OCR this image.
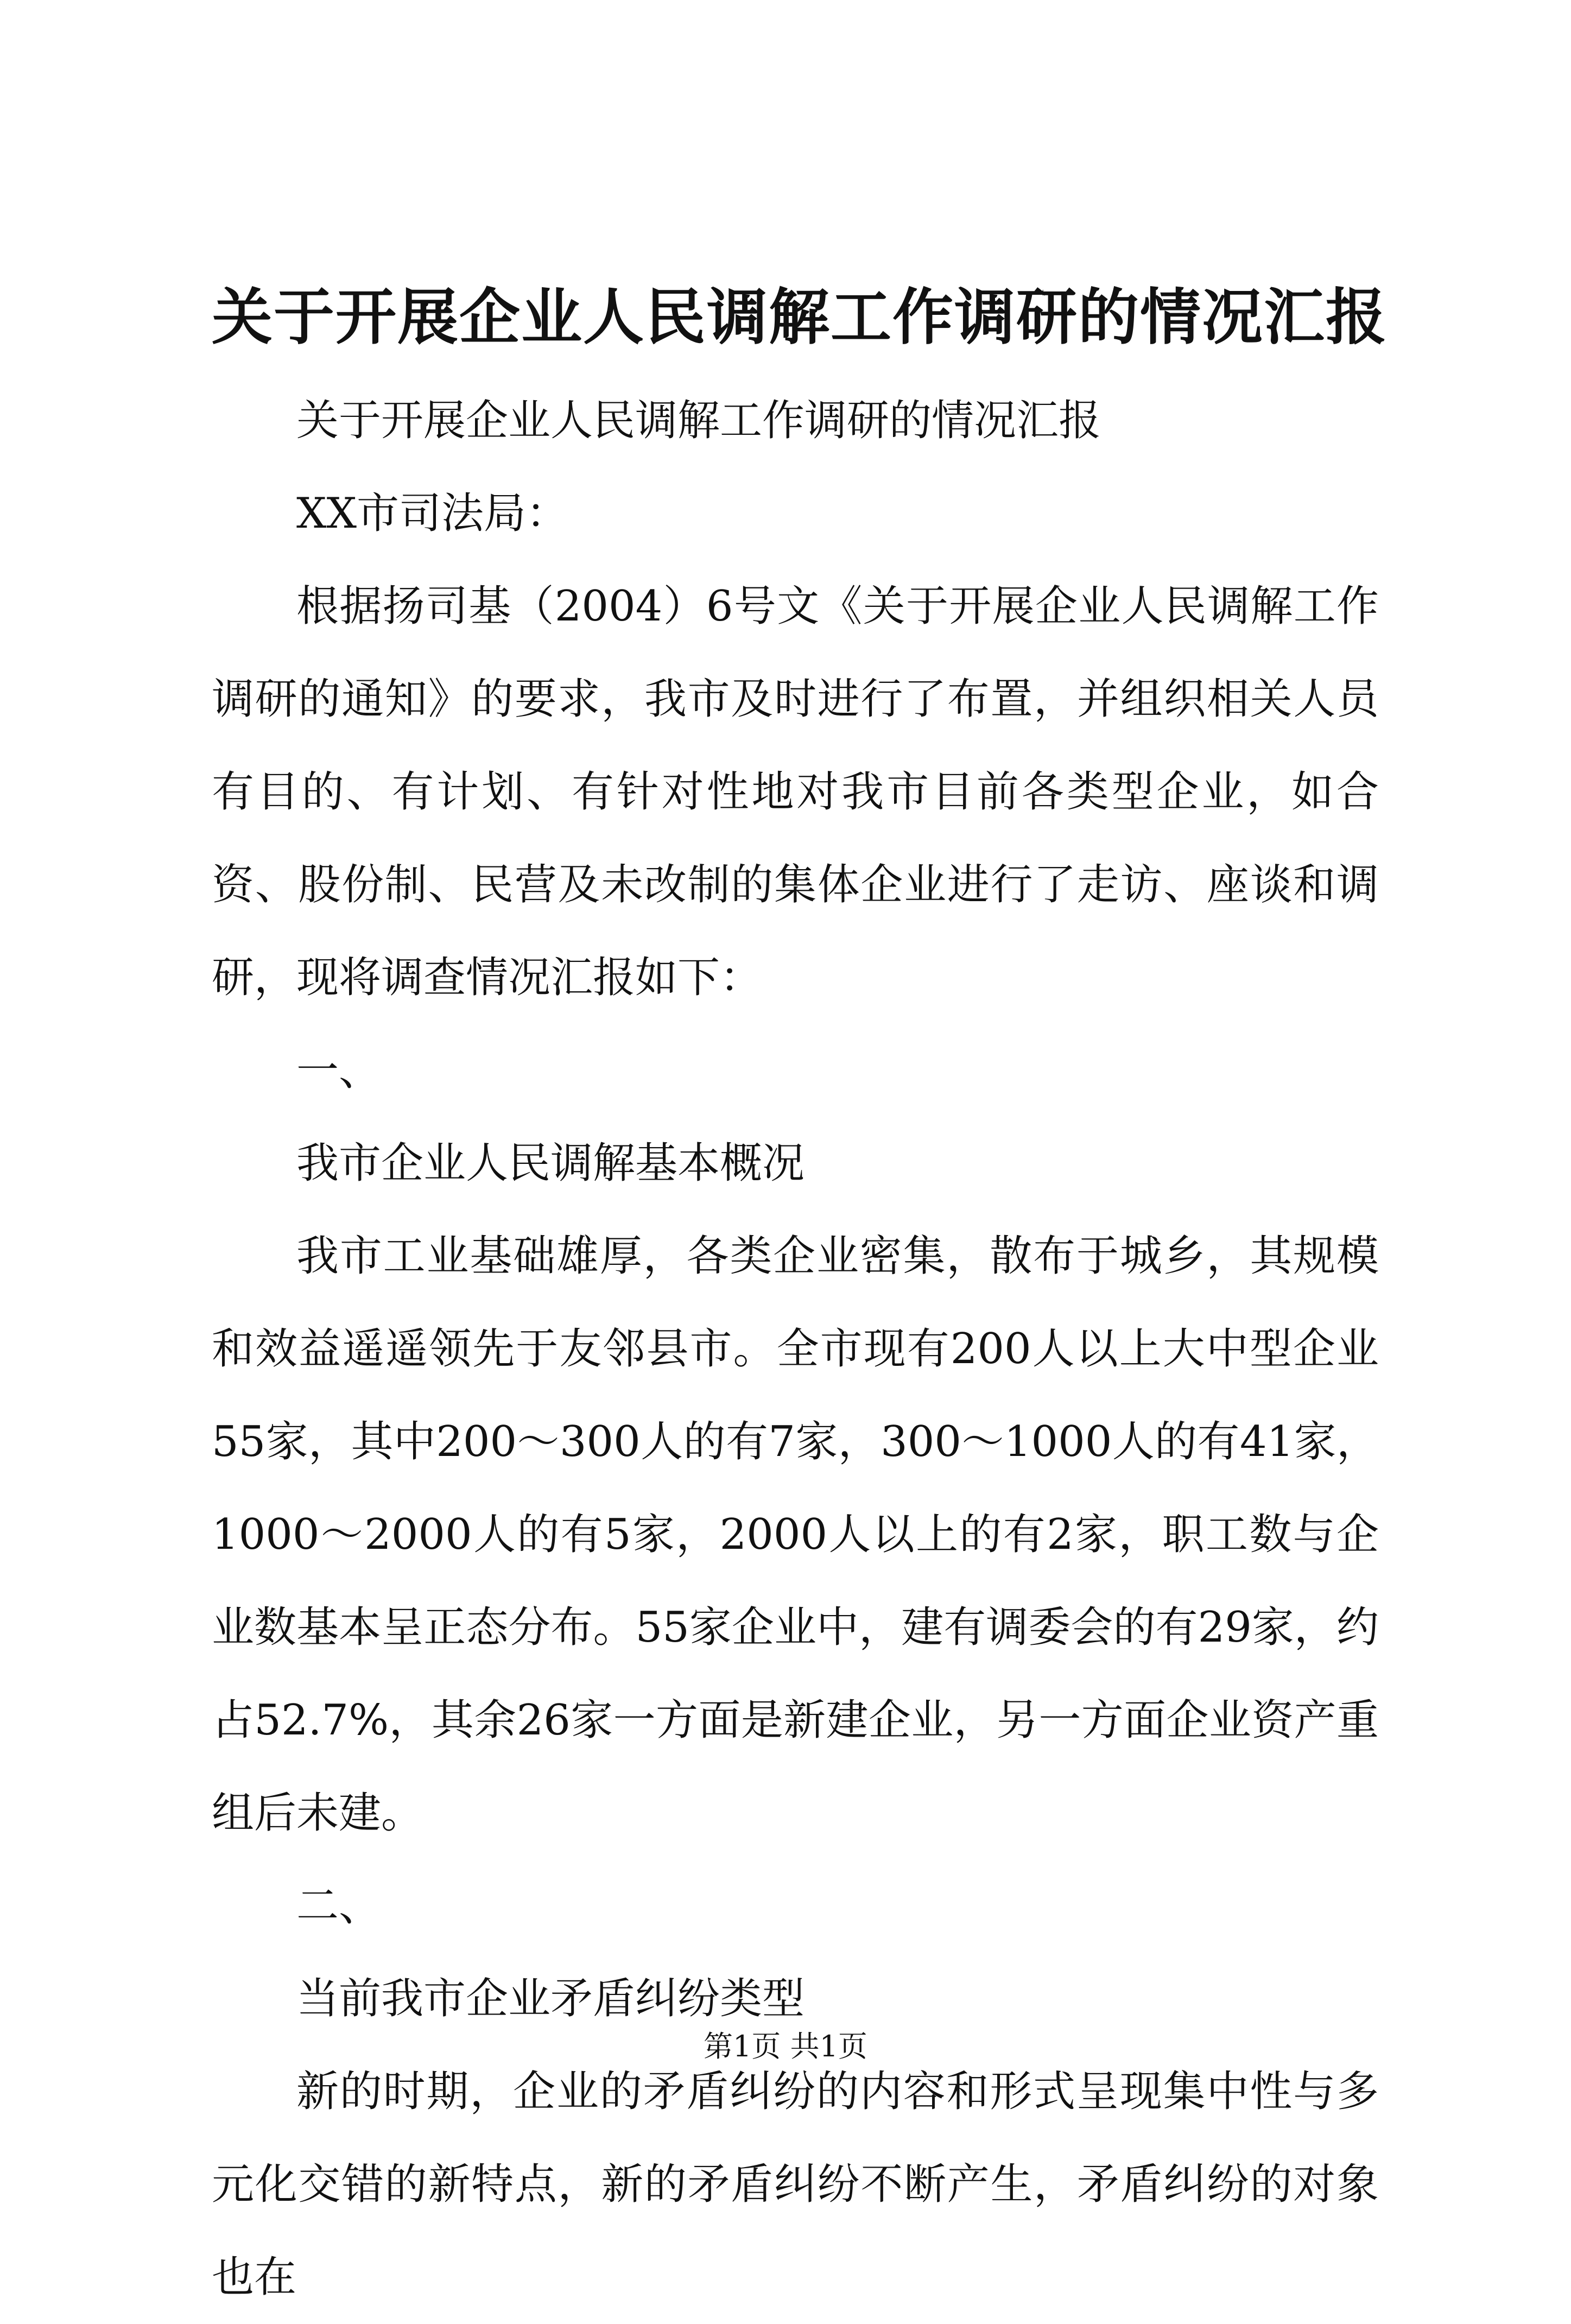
关于开展企业人民调解工作调研的情况汇报

关于开展企业人民调解工作调研的情况汇报

XX市司法局：

根据扬司基（2004）6号文《关于开展企业人民调解工作调研的通知》的要求，我市及时进行了布置，并组织相关人员有目的、有计划、有针对性地对我市目前各类型企业，如合资、股份制、民营及未改制的集体企业进行了走访、座谈和调研，现将调查情况汇报如下：

一、

我市企业人民调解基本概况

我市工业基础雄厚，各类企业密集，散布于城乡，其规模和效益遥遥领先于友邻县市。全市现有200人以上大中型企业55家，其中200～300人的有7家，300～1000人的有41家，1000～2000人的有5家，2000人以上的有2家，职工数与企业数基本呈正态分布。55家企业中，建有调委会的有29家，约占52.7%，其余26家一方面是新建企业，另一方面企业资产重组后未建。

二、

当前我市企业矛盾纠纷类型

新的时期，企业的矛盾纠纷的内容和形式呈现集中性与多元化交错的新特点，新的矛盾纠纷不断产生，矛盾纠纷的对象也在

第1页 共1页
